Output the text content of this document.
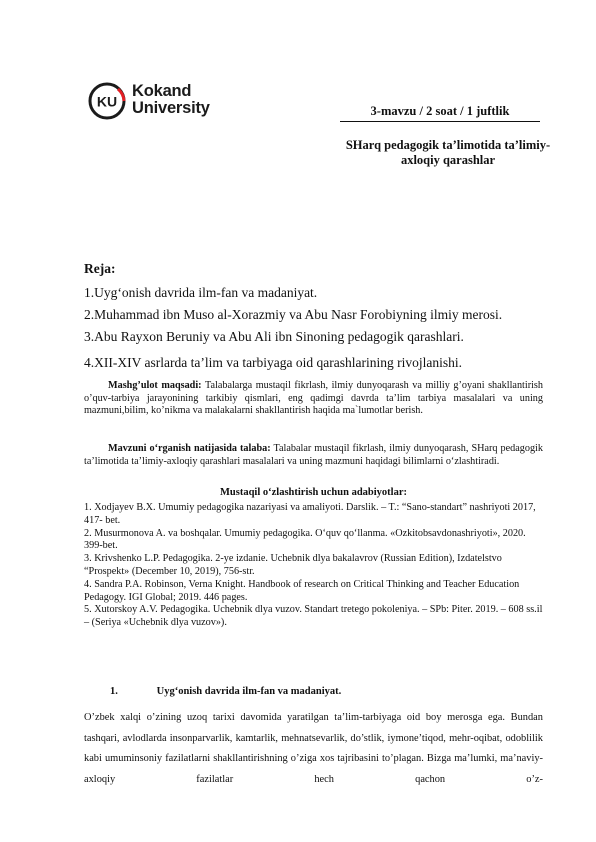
KU
Kokand
University	3-mavzu / 2 soat / 1 juftlik
SHarq pedagogik ta’limotida ta’limiy-axloqiy qarashlar
Reja:
1.Uyg‘onish davrida ilm-fan va madaniyat.
2.Muhammad ibn Muso al-Xorazmiy va Abu Nasr Forobiyning ilmiy merosi.
3.Abu Rayxon Beruniy va Abu Ali ibn Sinoning pedagogik qarashlari.
4.XII-XIV asrlarda ta’lim va tarbiyaga oid qarashlarining rivojlanishi.

Mashg’ulot maqsadi: Talabalarga mustaqil fikrlash, ilmiy dunyoqarash va milliy g’oyani shakllantirish o’quv-tarbiya jarayonining tarkibiy qismlari, eng qadimgi davrda ta’lim tarbiya masalalari va uning mazmuni,bilim, ko’nikma va malakalarni shakllantirish haqida ma`lumotlar berish.

Mavzuni o‘rganish natijasida talaba: Talabalar mustaqil fikrlash, ilmiy dunyoqarash, SHarq pedagogik ta’limotida ta’limiy-axloqiy qarashlari masalalari va uning mazmuni haqidagi bilimlarni o‘zlashtiradi.

Mustaqil o‘zlashtirish uchun adabiyotlar:
1. Xodjayev B.X. Umumiy pedagogika nazariyasi va amaliyoti. Darslik. – T.: “Sano-standart” nashriyoti 2017, 417- bet.
2. Musurmonova A. va boshqalar. Umumiy pedagogika. O‘quv qo‘llanma. «Ozkitobsavdonashriyoti», 2020. 399-bet.
3. Krivshenko L.P. Pedagogika. 2-ye izdanie. Uchebnik dlya bakalavrov (Russian Edition), Izdatelstvo “Prospekt» (December 10, 2019), 756-str.
4. Sandra P.A. Robinson, Verna Knight. Handbook of research on Critical Thinking and Teacher Education Pedagogy. IGI Global; 2019. 446 pages.
5. Xutorskoy A.V. Pedagogika. Uchebnik dlya vuzov. Standart tretego pokoleniya. – SPb: Piter. 2019. – 608 ss.il – (Seriya «Uchebnik dlya vuzov»).
1.	Uyg‘onish davrida ilm-fan va madaniyat.

O’zbek xalqi o’zining uzoq tarixi davomida yaratilgan ta’lim-tarbiyaga oid boy merosga ega. Bundan tashqari, avlodlarda insonparvarlik, kamtarlik, mehnatsevarlik, do’stlik, iymone’tiqod, mehr-oqibat, odoblilik kabi umuminsoniy fazilatlarni shakllantirishning o’ziga xos tajribasini to’plagan. Bizga ma’lumki, ma’naviy-axloqiy fazilatlar hech qachon o’z-
